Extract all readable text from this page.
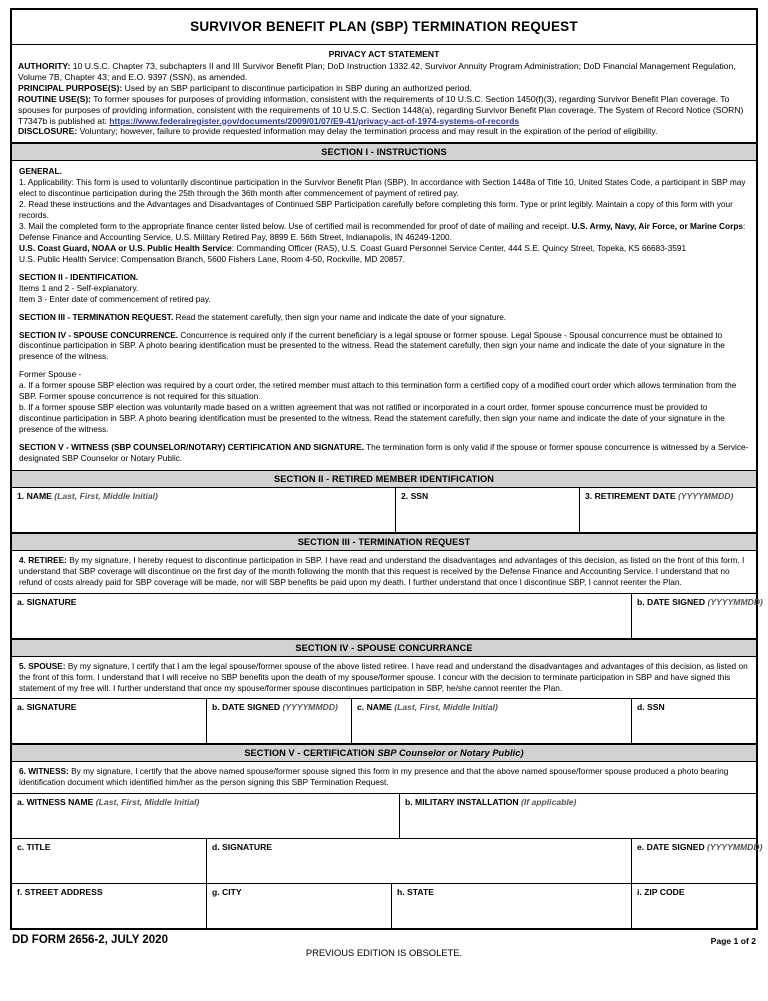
SURVIVOR BENEFIT PLAN (SBP) TERMINATION REQUEST
PRIVACY ACT STATEMENT

AUTHORITY: 10 U.S.C. Chapter 73, subchapters II and III Survivor Benefit Plan; DoD Instruction 1332.42, Survivor Annuity Program Administration; DoD Financial Management Regulation, Volume 7B, Chapter 43; and E.O. 9397 (SSN), as amended.

PRINCIPAL PURPOSE(S): Used by an SBP participant to discontinue participation in SBP during an authorized period.

ROUTINE USE(S): To former spouses for purposes of providing information, consistent with the requirements of 10 U.S.C. Section 1450(f)(3), regarding Survivor Benefit Plan coverage. To spouses for purposes of providing information, consistent with the requirements of 10 U.S.C. Section 1448(a), regarding Survivor Benefit Plan coverage. The System of Record Notice (SORN) T7347b is published at: https://www.federalregister.gov/documents/2009/01/07/E9-41/privacy-act-of-1974-systems-of-records

DISCLOSURE: Voluntary; however, failure to provide requested information may delay the termination process and may result in the expiration of the period of eligibility.

SECTION I - INSTRUCTIONS

GENERAL.

1. Applicability: This form is used to voluntarily discontinue participation in the Survivor Benefit Plan (SBP). In accordance with Section 1448a of Title 10, United States Code, a participant in SBP may elect to discontinue participation during the 25th through the 36th month after commencement of payment of retired pay.

2. Read these instructions and the Advantages and Disadvantages of Continued SBP Participation carefully before completing this form. Type or print legibly. Maintain a copy of this form with your records.

3. Mail the completed form to the appropriate finance center listed below. Use of certified mail is recommended for proof of date of mailing and receipt. U.S. Army, Navy, Air Force, or Marine Corps: Defense Finance and Accounting Service, U.S. Military Retired Pay, 8899 E. 56th Street, Indianapolis, IN 46249-1200.

U.S. Coast Guard, NOAA or U.S. Public Health Service: Commanding Officer (RAS), U.S. Coast Guard Personnel Service Center, 444 S.E. Quincy Street, Topeka, KS 66683-3591

U.S. Public Health Service: Compensation Branch, 5600 Fishers Lane, Room 4-50, Rockville, MD 20857.

SECTION II - IDENTIFICATION.

Items 1 and 2 - Self-explanatory.

Item 3 - Enter date of commencement of retired pay.

SECTION III - TERMINATION REQUEST. Read the statement carefully, then sign your name and indicate the date of your signature.

SECTION IV - SPOUSE CONCURRENCE. Concurrence is required only if the current beneficiary is a legal spouse or former spouse. Legal Spouse - Spousal concurrence must be obtained to discontinue participation in SBP. A photo bearing identification must be presented to the witness. Read the statement carefully, then sign your name and indicate the date of your signature in the presence of the witness.

Former Spouse -

a. If a former spouse SBP election was required by a court order, the retired member must attach to this termination form a certified copy of a modified court order which allows termination from the SBP. Former spouse concurrence is not required for this situation.

b. If a former spouse SBP election was voluntarily made based on a written agreement that was not ratified or incorporated in a court order, former spouse concurrence must be provided to discontinue participation in SBP. A photo bearing identification must be presented to the witness. Read the statement carefully, then sign your name and indicate the date of your signature in the presence of the witness.

SECTION V - WITNESS (SBP COUNSELOR/NOTARY) CERTIFICATION AND SIGNATURE. The termination form is only valid if the spouse or former spouse concurrence is witnessed by a Service-designated SBP Counselor or Notary Public.

SECTION II - RETIRED MEMBER IDENTIFICATION
1. NAME (Last, First, Middle Initial)	2. SSN	3. RETIREMENT DATE (YYYYMMDD)
SECTION III - TERMINATION REQUEST
4. RETIREE: By my signature, I hereby request to discontinue participation in SBP. I have read and understand the disadvantages and advantages of this decision, as listed on the front of this form. I understand that SBP coverage will discontinue on the first day of the month following the month that this request is received by the Defense Finance and Accounting Service. I understand that no refund of costs already paid for SBP coverage will be made, nor will SBP benefits be paid upon my death. I further understand that once I discontinue SBP, I cannot reenter the Plan.
a. SIGNATURE	b. DATE SIGNED (YYYYMMDD)
SECTION IV - SPOUSE CONCURRANCE
5. SPOUSE: By my signature, I certify that I am the legal spouse/former spouse of the above listed retiree. I have read and understand the disadvantages and advantages of this decision, as listed on the front of this form. I understand that I will receive no SBP benefits upon the death of my spouse/former spouse. I concur with the decision to terminate participation in SBP and have signed this statement of my free will. I further understand that once my spouse/former spouse discontinues participation in SBP, he/she cannot reenter the Plan.
a. SIGNATURE	b. DATE SIGNED (YYYYMMDD)	c. NAME (Last, First, Middle Initial)	d. SSN
SECTION V - CERTIFICATION SBP Counselor or Notary Public)
6. WITNESS: By my signature, I certify that the above named spouse/former spouse signed this form in my presence and that the above named spouse/former spouse produced a photo bearing identification document which identified him/her as the person signing this SBP Termination Request.
a. WITNESS NAME (Last, First, Middle Initial)	b. MILITARY INSTALLATION (If applicable)
c. TITLE	d. SIGNATURE	e. DATE SIGNED (YYYYMMDD)
f. STREET ADDRESS	g. CITY	h. STATE	i. ZIP CODE
DD FORM 2656-2, JULY 2020
PREVIOUS EDITION IS OBSOLETE.
Page 1 of 2
